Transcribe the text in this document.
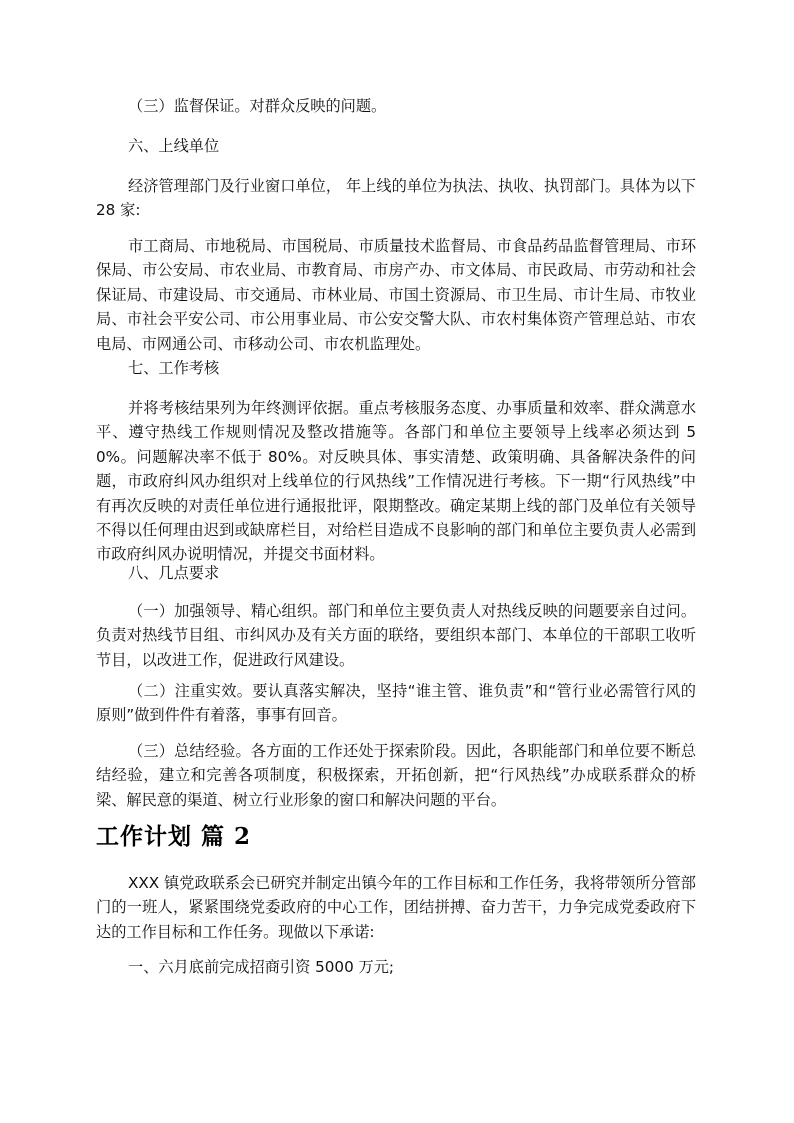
（三）监督保证。对群众反映的问题。

六、上线单位

经济管理部门及行业窗口单位， 年上线的单位为执法、执收、执罚部门。具体为以下 28 家:

市工商局、市地税局、市国税局、市质量技术监督局、市食品药品监督管理局、市环保局、市公安局、市农业局、市教育局、市房产办、市文体局、市民政局、市劳动和社会保证局、市建设局、市交通局、市林业局、市国土资源局、市卫生局、市计生局、市牧业局、市社会平安公司、市公用事业局、市公安交警大队、市农村集体资产管理总站、市农电局、市网通公司、市移动公司、市农机监理处。

七、工作考核

并将考核结果列为年终测评依据。重点考核服务态度、办事质量和效率、群众满意水平、遵守热线工作规则情况及整改措施等。各部门和单位主要领导上线率必须达到 50%。问题解决率不低于 80%。对反映具体、事实清楚、政策明确、具备解决条件的问题，市政府纠风办组织对上线单位的行风热线”工作情况进行考核。下一期“行风热线”中有再次反映的对责任单位进行通报批评，限期整改。确定某期上线的部门及单位有关领导不得以任何理由迟到或缺席栏目，对给栏目造成不良影响的部门和单位主要负责人必需到市政府纠风办说明情况，并提交书面材料。

八、几点要求

（一）加强领导、精心组织。部门和单位主要负责人对热线反映的问题要亲自过问。负责对热线节目组、市纠风办及有关方面的联络，要组织本部门、本单位的干部职工收听节目，以改进工作，促进政行风建设。

（二）注重实效。要认真落实解决，坚持“谁主管、谁负责”和“管行业必需管行风的原则”做到件件有着落，事事有回音。

（三）总结经验。各方面的工作还处于探索阶段。因此，各职能部门和单位要不断总结经验，建立和完善各项制度，积极探索，开拓创新，把“行风热线”办成联系群众的桥梁、解民意的渠道、树立行业形象的窗口和解决问题的平台。

工作计划 篇 2

XXX 镇党政联系会已研究并制定出镇今年的工作目标和工作任务，我将带领所分管部门的一班人，紧紧围绕党委政府的中心工作，团结拼搏、奋力苦干，力争完成党委政府下达的工作目标和工作任务。现做以下承诺:

一、六月底前完成招商引资 5000 万元;
